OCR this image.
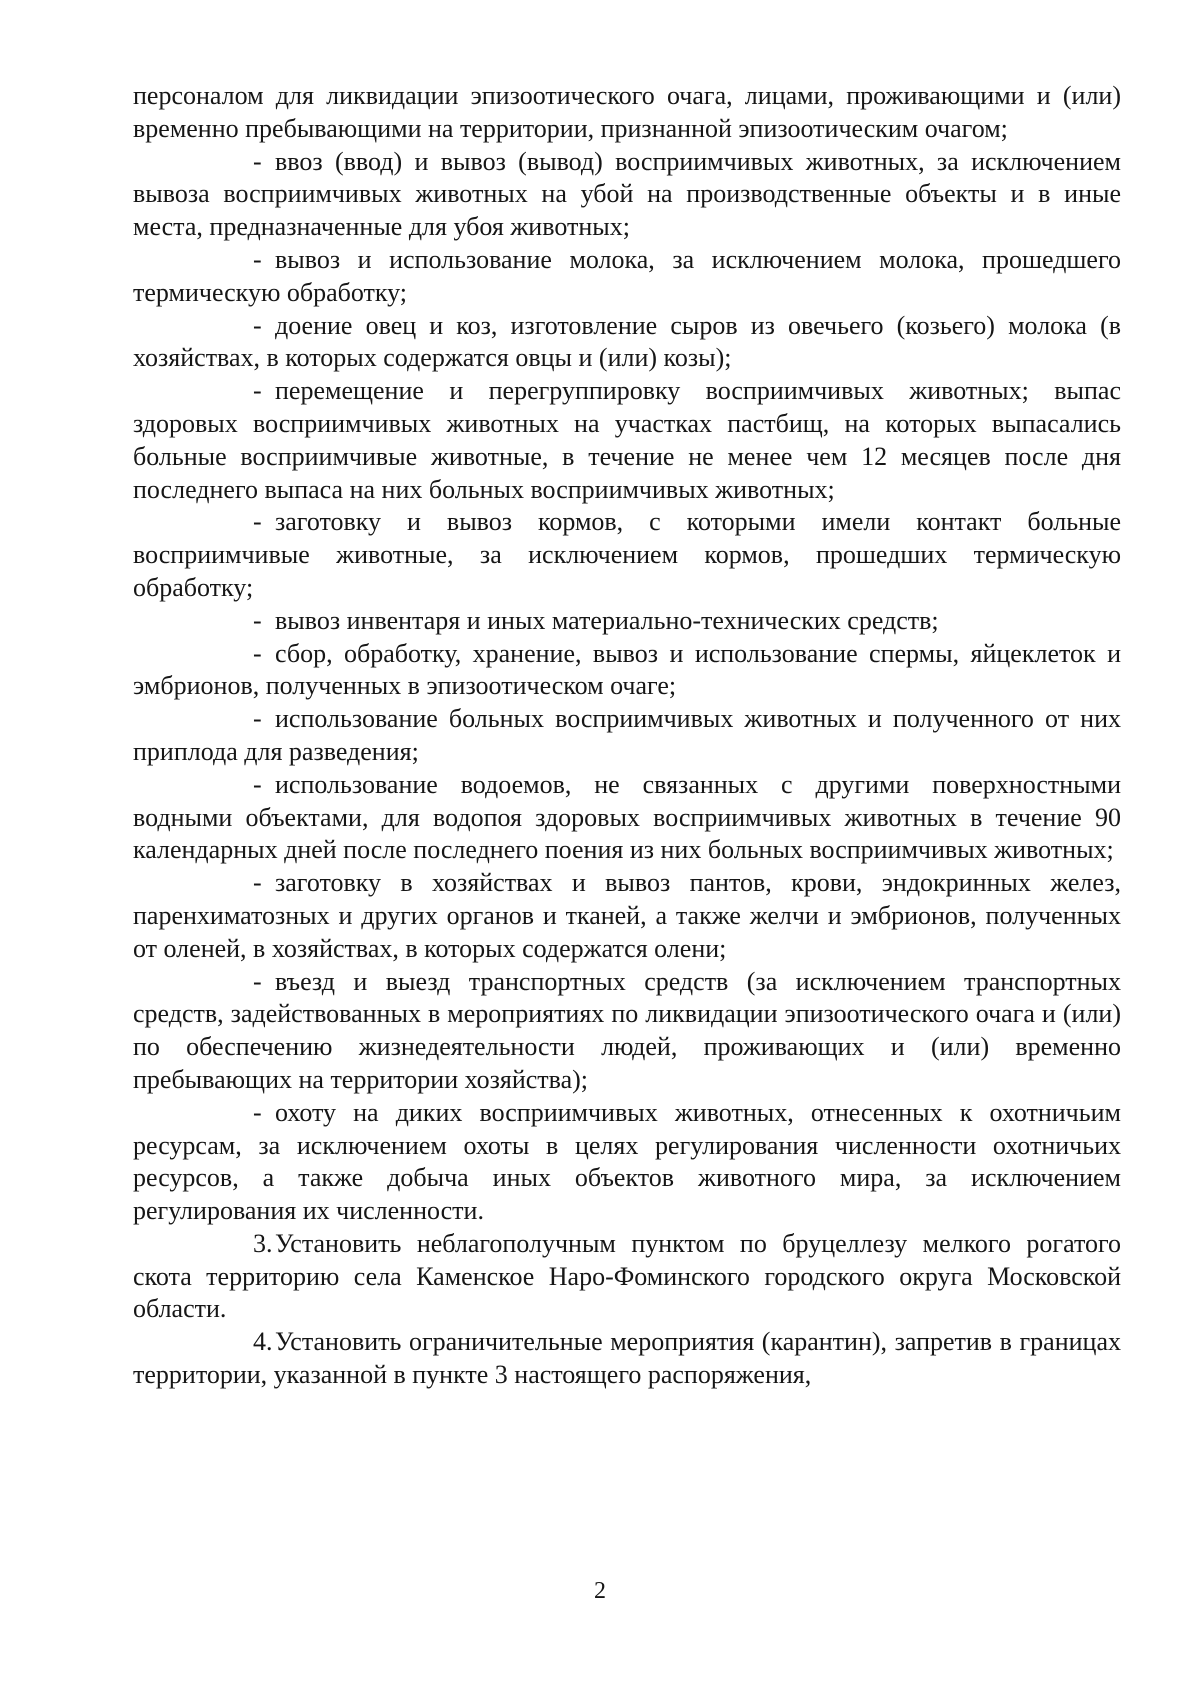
персоналом для ликвидации эпизоотического очага, лицами, проживающими и (или) временно пребывающими на территории, признанной эпизоотическим очагом;

- ввоз (ввод) и вывоз (вывод) восприимчивых животных, за исключением вывоза восприимчивых животных на убой на производственные объекты и в иные места, предназначенные для убоя животных;

- вывоз и использование молока, за исключением молока, прошедшего термическую обработку;

- доение овец и коз, изготовление сыров из овечьего (козьего) молока (в хозяйствах, в которых содержатся овцы и (или) козы);

- перемещение и перегруппировку восприимчивых животных; выпас здоровых восприимчивых животных на участках пастбищ, на которых выпасались больные восприимчивые животные, в течение не менее чем 12 месяцев после дня последнего выпаса на них больных восприимчивых животных;

- заготовку и вывоз кормов, с которыми имели контакт больные восприимчивые животные, за исключением кормов, прошедших термическую обработку;

- вывоз инвентаря и иных материально-технических средств;

- сбор, обработку, хранение, вывоз и использование спермы, яйцеклеток и эмбрионов, полученных в эпизоотическом очаге;

- использование больных восприимчивых животных и полученного от них приплода для разведения;

- использование водоемов, не связанных с другими поверхностными водными объектами, для водопоя здоровых восприимчивых животных в течение 90 календарных дней после последнего поения из них больных восприимчивых животных;

- заготовку в хозяйствах и вывоз пантов, крови, эндокринных желез, паренхиматозных и других органов и тканей, а также желчи и эмбрионов, полученных от оленей, в хозяйствах, в которых содержатся олени;

- въезд и выезд транспортных средств (за исключением транспортных средств, задействованных в мероприятиях по ликвидации эпизоотического очага и (или) по обеспечению жизнедеятельности людей, проживающих и (или) временно пребывающих на территории хозяйства);

- охоту на диких восприимчивых животных, отнесенных к охотничьим ресурсам, за исключением охоты в целях регулирования численности охотничьих ресурсов, а также добыча иных объектов животного мира, за исключением регулирования их численности.

3.Установить неблагополучным пунктом по бруцеллезу мелкого рогатого скота территорию села Каменское Наро-Фоминского городского округа Московской области.

4.Установить ограничительные мероприятия (карантин), запретив в границах территории, указанной в пункте 3 настоящего распоряжения,

2
